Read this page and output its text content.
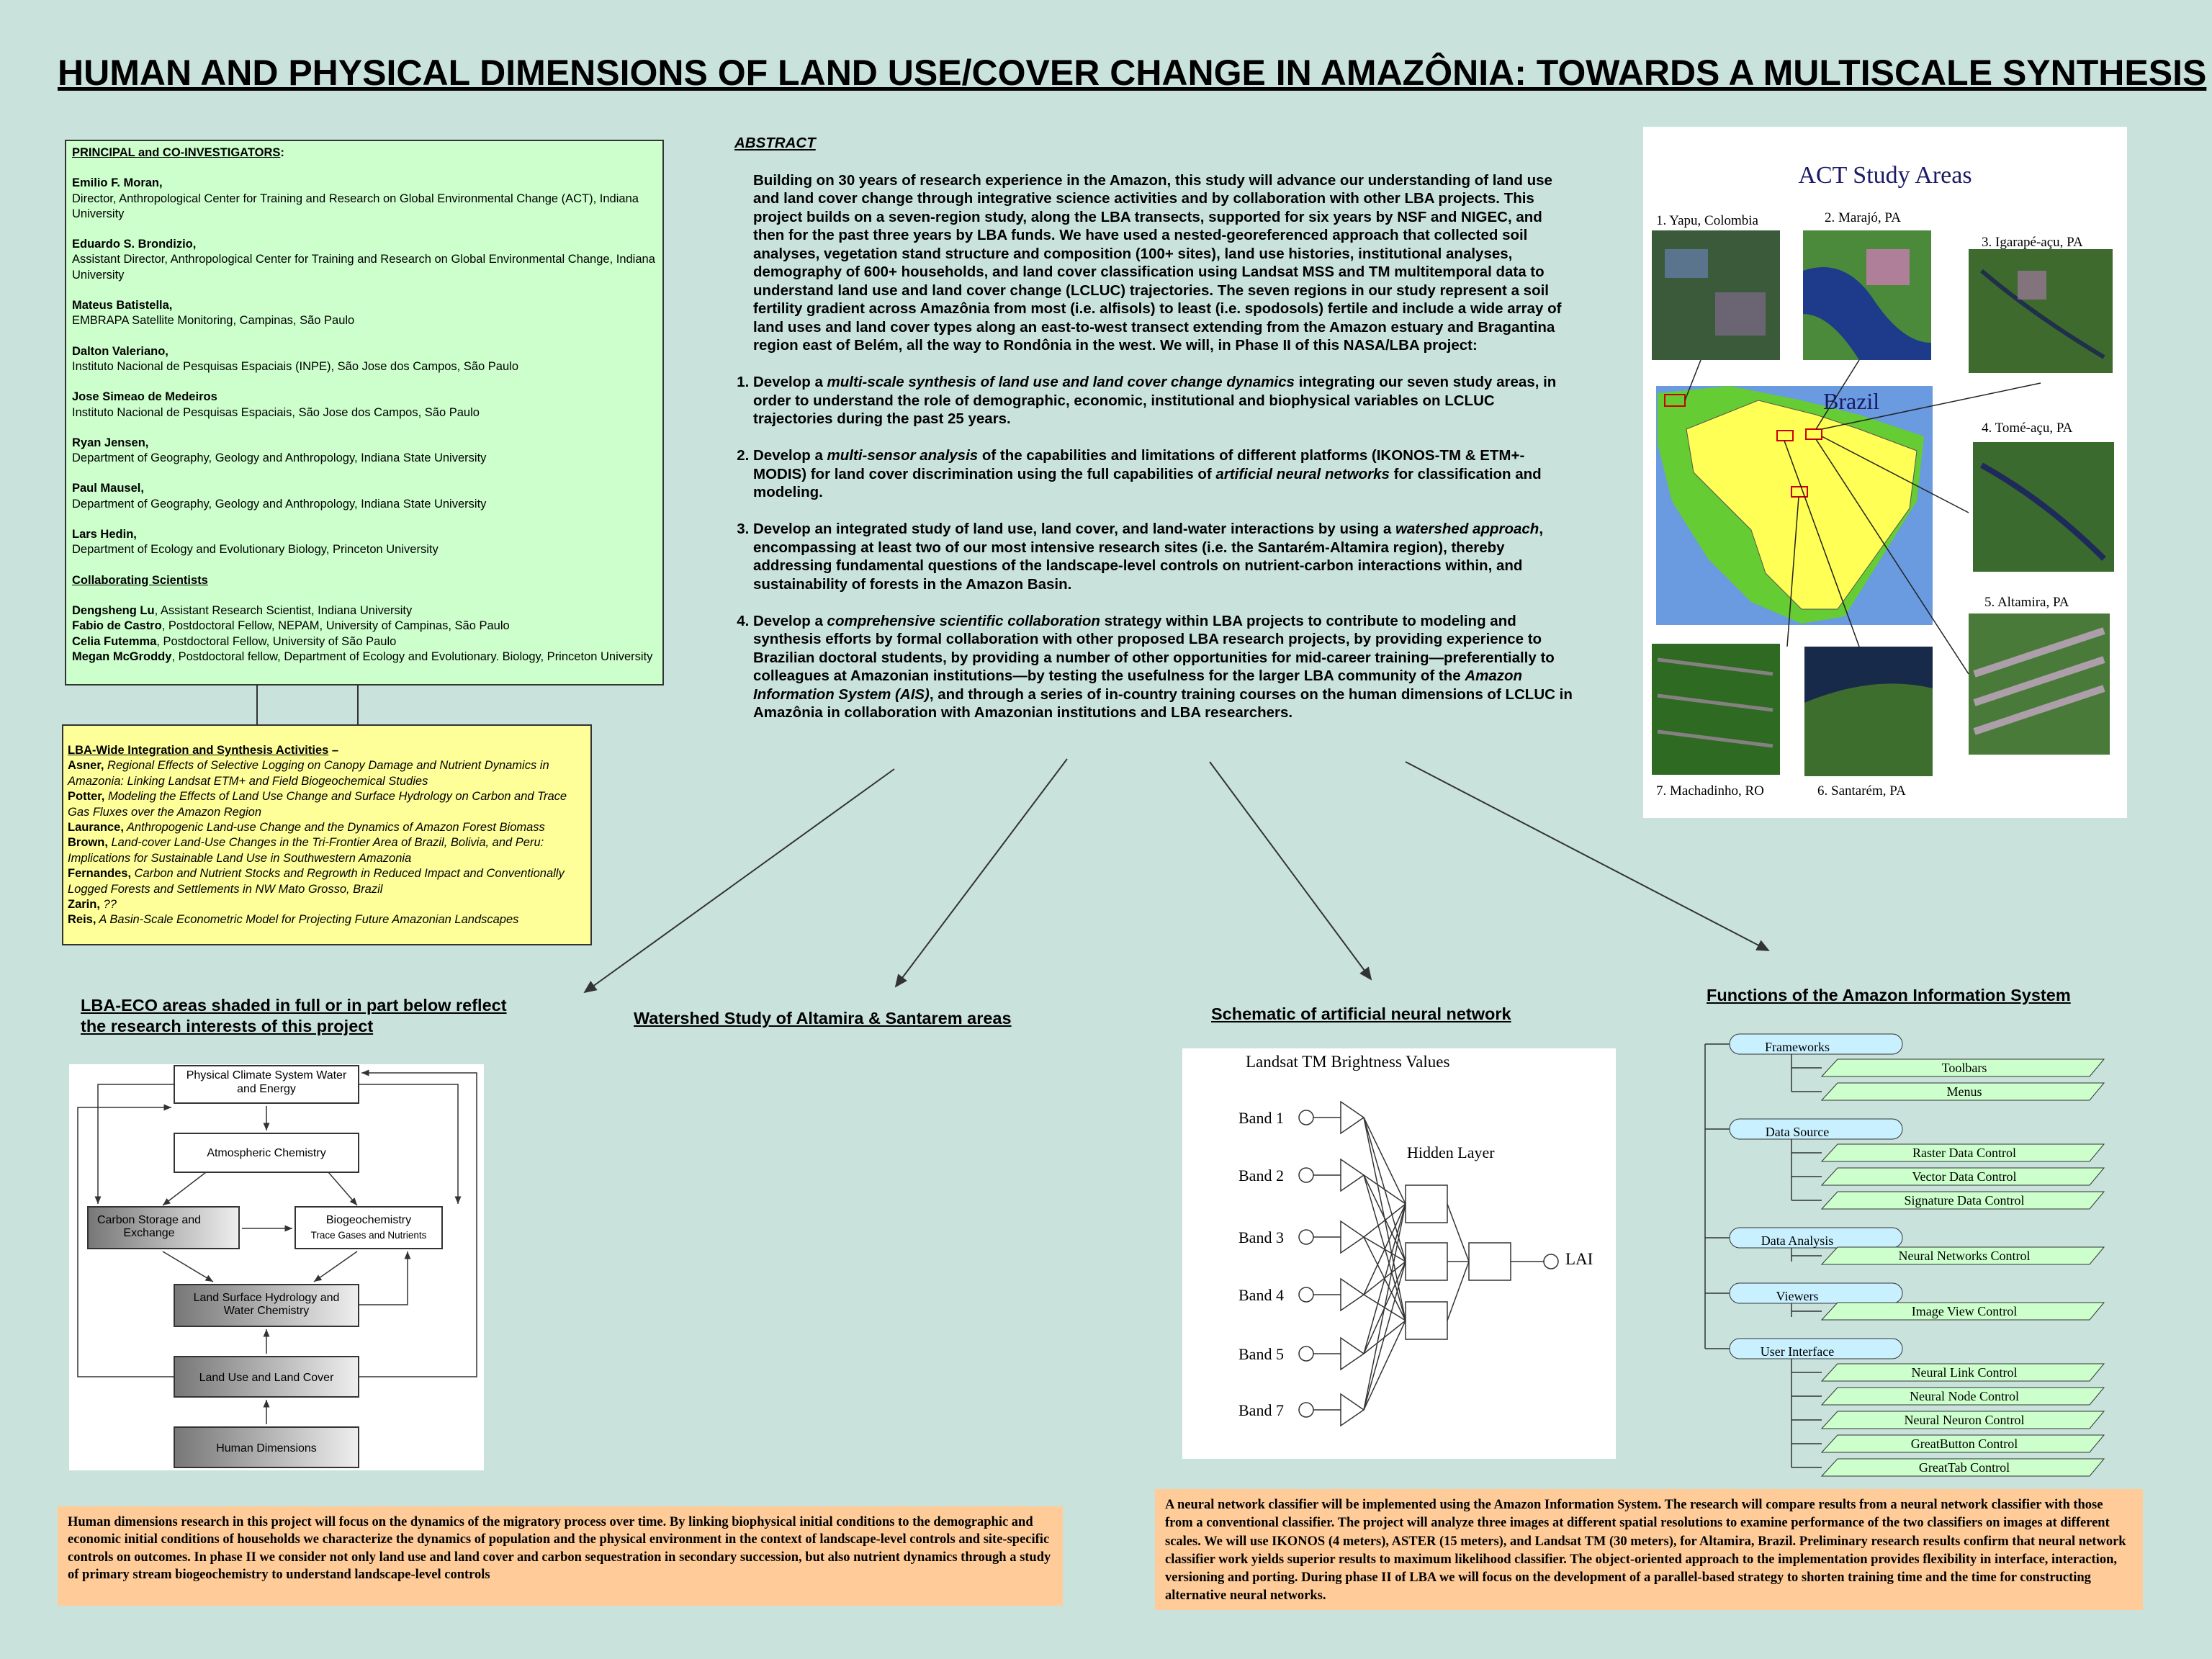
HUMAN AND PHYSICAL DIMENSIONS OF LAND USE/COVER CHANGE IN AMAZÔNIA: TOWARDS A MULTISCALE SYNTHESIS

PRINCIPAL and CO-INVESTIGATORS:

Emilio F. Moran,
Director, Anthropological Center for Training and Research on Global Environmental Change (ACT), Indiana University

Eduardo S. Brondizio,
Assistant Director, Anthropological Center for Training and Research on Global Environmental Change, Indiana University

Mateus Batistella,
EMBRAPA Satellite Monitoring, Campinas, São Paulo

Dalton Valeriano,
Instituto Nacional de Pesquisas Espaciais (INPE), São Jose dos Campos, São Paulo

Jose Simeao de Medeiros
Instituto Nacional de Pesquisas Espaciais, São Jose dos Campos, São Paulo

Ryan Jensen,
Department of Geography, Geology and Anthropology, Indiana State University

Paul Mausel,
Department of Geography, Geology and Anthropology, Indiana State University

Lars Hedin,
Department of Ecology and Evolutionary Biology, Princeton University

Collaborating Scientists

Dengsheng Lu, Assistant Research Scientist, Indiana University
Fabio de Castro, Postdoctoral Fellow, NEPAM, University of Campinas, São Paulo
Celia Futemma, Postdoctoral Fellow, University of São Paulo
Megan McGroddy, Postdoctoral fellow, Department of Ecology and Evolutionary. Biology, Princeton University
LBA-Wide Integration and Synthesis Activities –
Asner, Regional Effects of Selective Logging on Canopy Damage and Nutrient Dynamics in Amazonia: Linking Landsat ETM+ and Field Biogeochemical Studies
Potter, Modeling the Effects of Land Use Change and Surface Hydrology on Carbon and Trace Gas Fluxes over the Amazon Region
Laurance, Anthropogenic Land-use Change and the Dynamics of Amazon Forest Biomass
Brown, Land-cover Land-Use Changes in the Tri-Frontier Area of Brazil, Bolivia, and Peru: Implications for Sustainable Land Use in Southwestern Amazonia
Fernandes, Carbon and Nutrient Stocks and Regrowth in Reduced Impact and Conventionally Logged Forests and Settlements in NW Mato Grosso, Brazil
Zarin, ??
Reis, A Basin-Scale Econometric Model for Projecting Future Amazonian Landscapes
ABSTRACT
Building on 30 years of research experience in the Amazon, this study will advance our understanding of land use and land cover change through integrative science activities and by collaboration with other LBA projects. This project builds on a seven-region study, along the LBA transects, supported for six years by NSF and NIGEC, and then for the past three years by LBA funds. We have used a nested-georeferenced approach that collected soil analyses, vegetation stand structure and composition (100+ sites), land use histories, institutional analyses, demography of 600+ households, and land cover classification using Landsat MSS and TM multitemporal data to understand land use and land cover change (LCLUC) trajectories. The seven regions in our study represent a soil fertility gradient across Amazônia from most (i.e. alfisols) to least (i.e. spodosols) fertile and include a wide array of land uses and land cover types along an east-to-west transect extending from the Amazon estuary and Bragantina region east of Belém, all the way to Rondônia in the west. We will, in Phase II of this NASA/LBA project:
1. Develop a multi-scale synthesis of land use and land cover change dynamics integrating our seven study areas, in order to understand the role of demographic, economic, institutional and biophysical variables on LCLUC trajectories during the past 25 years.
2. Develop a multi-sensor analysis of the capabilities and limitations of different platforms (IKONOS-TM & ETM+-MODIS) for land cover discrimination using the full capabilities of artificial neural networks for classification and modeling.
3. Develop an integrated study of land use, land cover, and land-water interactions by using a watershed approach, encompassing at least two of our most intensive research sites (i.e. the Santarém-Altamira region), thereby addressing fundamental questions of the landscape-level controls on nutrient-carbon interactions within, and sustainability of forests in the Amazon Basin.
4. Develop a comprehensive scientific collaboration strategy within LBA projects to contribute to modeling and synthesis efforts by formal collaboration with other proposed LBA research projects, by providing experience to Brazilian doctoral students, by providing a number of other opportunities for mid-career training—preferentially to colleagues at Amazonian institutions—by testing the usefulness for the larger LBA community of the Amazon Information System (AIS), and through a series of in-country training courses on the human dimensions of LCLUC in Amazônia in collaboration with Amazonian institutions and LBA researchers.
ACT Study Areas
Brazil
1. Yapu, Colombia	2. Marajó, PA
3. Igarapé-açu, PA
4. Tomé-açu, PA
5. Altamira, PA
6. Santarém, PA
7. Machadinho, RO
LBA-ECO areas shaded in full or in part below reflect the research interests of this project	Watershed Study of Altamira & Santarem areas	Schematic of artificial neural network
Functions of the Amazon Information System
Physical Climate System Water and Energy
Atmospheric Chemistry
Carbon Storage and Exchange
Biogeochemistry
Trace Gases and Nutrients
Land Surface Hydrology and Water Chemistry
Land Use and Land Cover
Human Dimensions
Landsat TM Brightness Values
Hidden Layer
LAI
Band 1
Band 2
Band 3
Band 4
Band 5
Band 7
Frameworks
Toolbars
Menus
Data Source
Raster Data Control
Vector Data Control
Signature Data Control
Data Analysis
Neural Networks Control
Viewers
Image View Control
User Interface
Neural Link Control
Neural Node Control
Neural Neuron Control
GreatButton Control
GreatTab Control
Human dimensions research in this project will focus on the dynamics of the migratory process over time. By linking biophysical initial conditions to the demographic and economic initial conditions of households we characterize the dynamics of population and the physical environment in the context of landscape-level controls and site-specific controls on outcomes. In phase II we consider not only land use and land cover and carbon sequestration in secondary succession, but also nutrient dynamics through a study of primary stream biogeochemistry to understand landscape-level controls
A neural network classifier will be implemented using the Amazon Information System. The research will compare results from a neural network classifier with those from a conventional classifier. The project will analyze three images at different spatial resolutions to examine performance of the two classifiers on images at different scales. We will use IKONOS (4 meters), ASTER (15 meters), and Landsat TM (30 meters), for Altamira, Brazil. Preliminary research results confirm that neural network classifier work yields superior results to maximum likelihood classifier. The object-oriented approach to the implementation provides flexibility in interface, interaction, versioning and porting. During phase II of LBA we will focus on the development of a parallel-based strategy to shorten training time and the time for constructing alternative neural networks.
